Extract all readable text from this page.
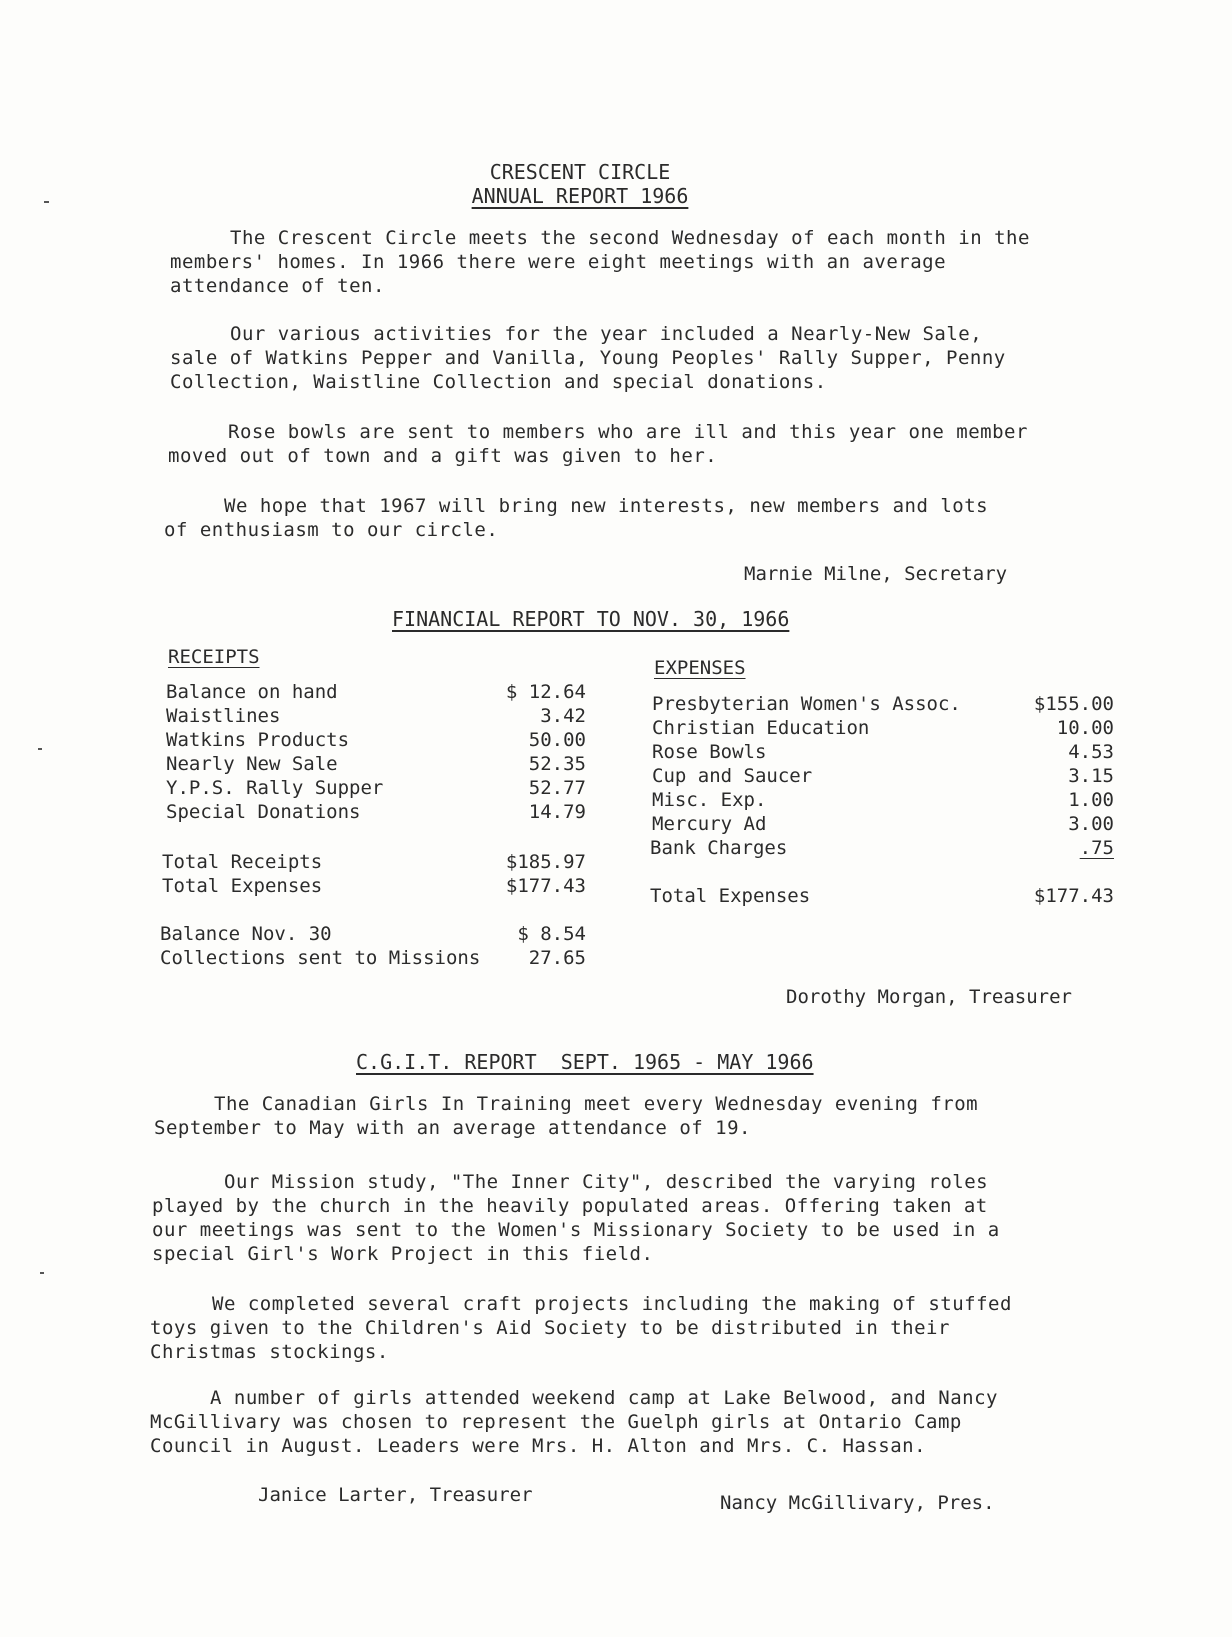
CRESCENT CIRCLE
ANNUAL REPORT 1966
The Crescent Circle meets the second Wednesday of each month in the members' homes. In 1966 there were eight meetings with an average attendance of ten.
Our various activities for the year included a Nearly-New Sale, sale of Watkins Pepper and Vanilla, Young Peoples' Rally Supper, Penny Collection, Waistline Collection and special donations.
Rose bowls are sent to members who are ill and this year one member moved out of town and a gift was given to her.
We hope that 1967 will bring new interests, new members and lots of enthusiasm to our circle.
Marnie Milne, Secretary
FINANCIAL REPORT TO NOV. 30, 1966
RECEIPTS
Balance on hand	$ 12.64
Waistlines	3.42
Watkins Products	50.00
Nearly New Sale	52.35
Y.P.S. Rally Supper	52.77
Special Donations	14.79
Total Receipts	$185.97
Total Expenses	$177.43
Balance Nov. 30	$ 8.54
Collections sent to Missions	27.65
EXPENSES
Presbyterian Women's Assoc.	$155.00
Christian Education	10.00
Rose Bowls	4.53
Cup and Saucer	3.15
Misc. Exp.	1.00
Mercury Ad	3.00
Bank Charges	.75
Total Expenses	$177.43
Dorothy Morgan, Treasurer
C.G.I.T. REPORT  SEPT. 1965 - MAY 1966
The Canadian Girls In Training meet every Wednesday evening from September to May with an average attendance of 19.
Our Mission study, "The Inner City", described the varying roles played by the church in the heavily populated areas. Offering taken at our meetings was sent to the Women's Missionary Society to be used in a special Girl's Work Project in this field.
We completed several craft projects including the making of stuffed toys given to the Children's Aid Society to be distributed in their Christmas stockings.
A number of girls attended weekend camp at Lake Belwood, and Nancy McGillivary was chosen to represent the Guelph girls at Ontario Camp Council in August. Leaders were Mrs. H. Alton and Mrs. C. Hassan.
Janice Larter, Treasurer	Nancy McGillivary, Pres.
